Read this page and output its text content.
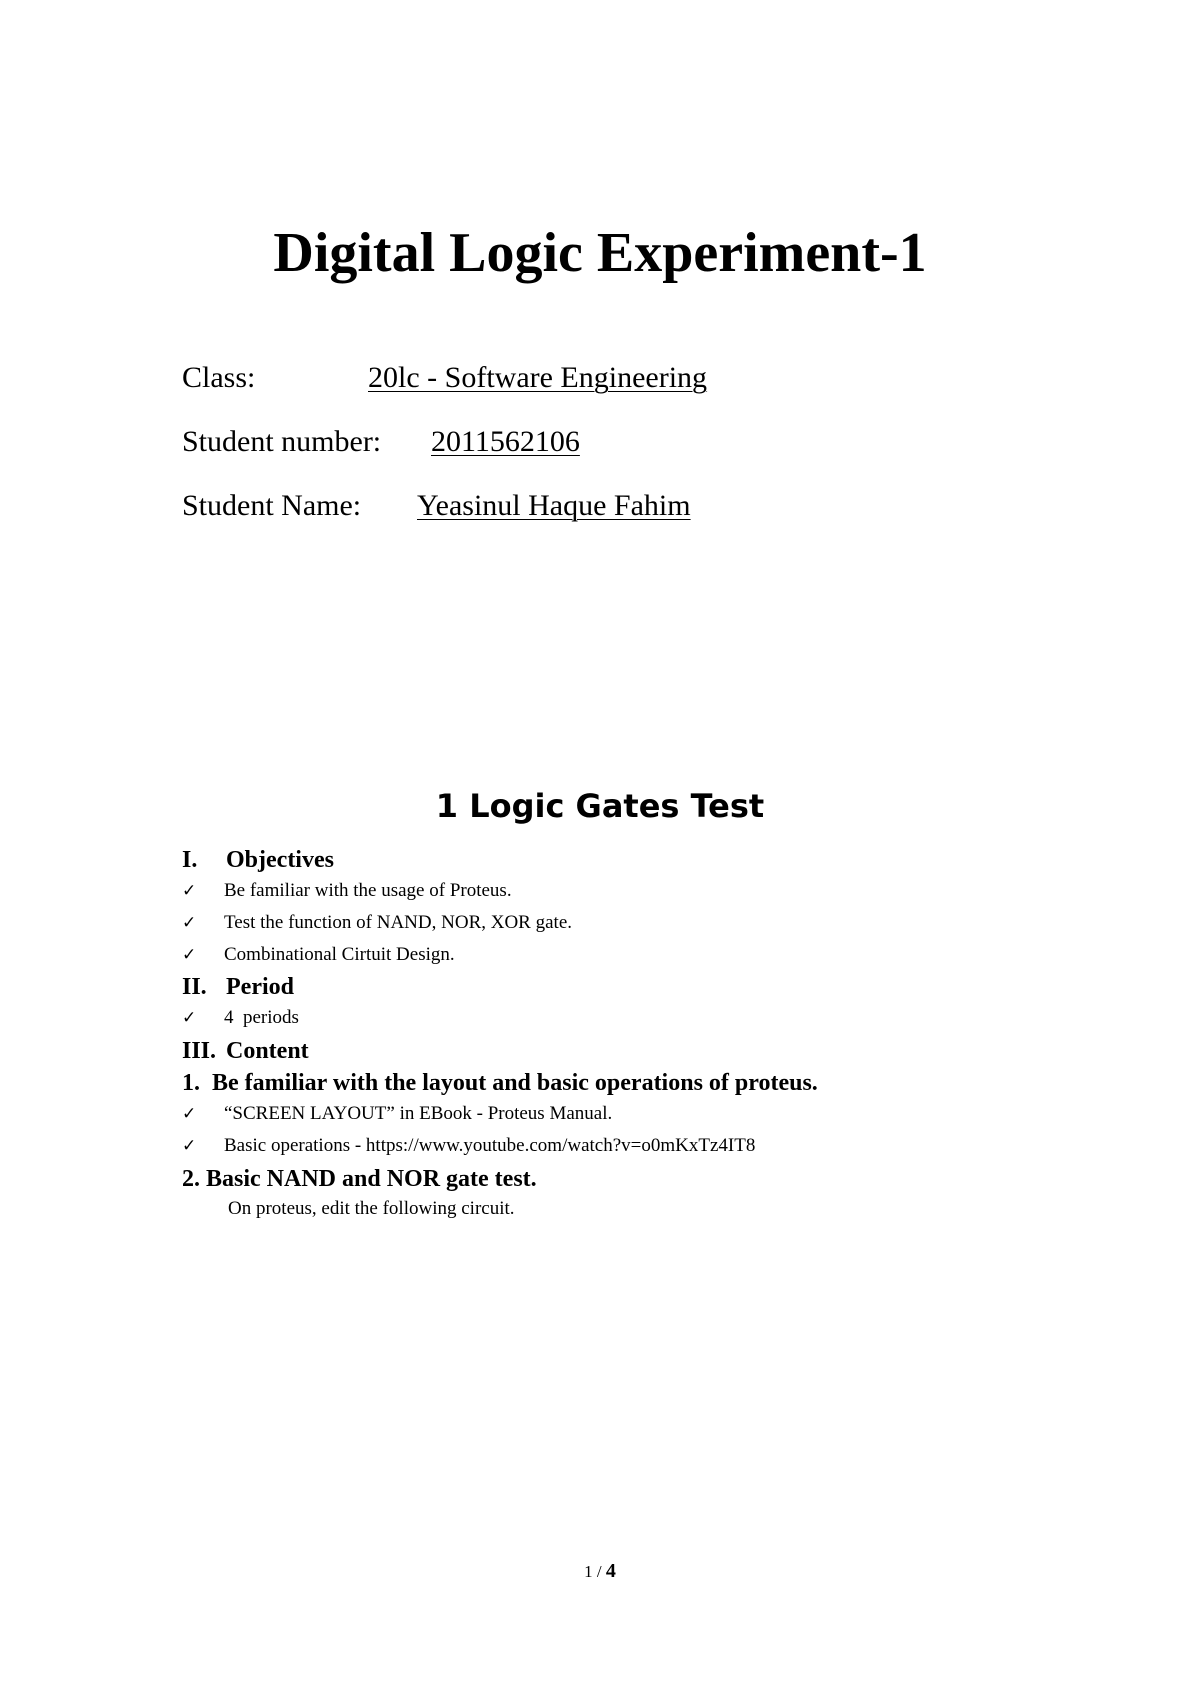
Digital Logic Experiment-1
Class:	20lc - Software Engineering
Student number: 2011562106
Student Name: Yeasinul Haque Fahim
1 Logic Gates Test
I. Objectives
✓ Be familiar with the usage of Proteus.
✓ Test the function of NAND, NOR, XOR gate.
✓ Combinational Cirtuit Design.
II. Period
✓ 4  periods
III. Content
1.  Be familiar with the layout and basic operations of proteus.
✓ “SCREEN LAYOUT” in EBook - Proteus Manual.
✓ Basic operations - https://www.youtube.com/watch?v=o0mKxTz4IT8
2. Basic NAND and NOR gate test.
On proteus, edit the following circuit.
1 / 4
